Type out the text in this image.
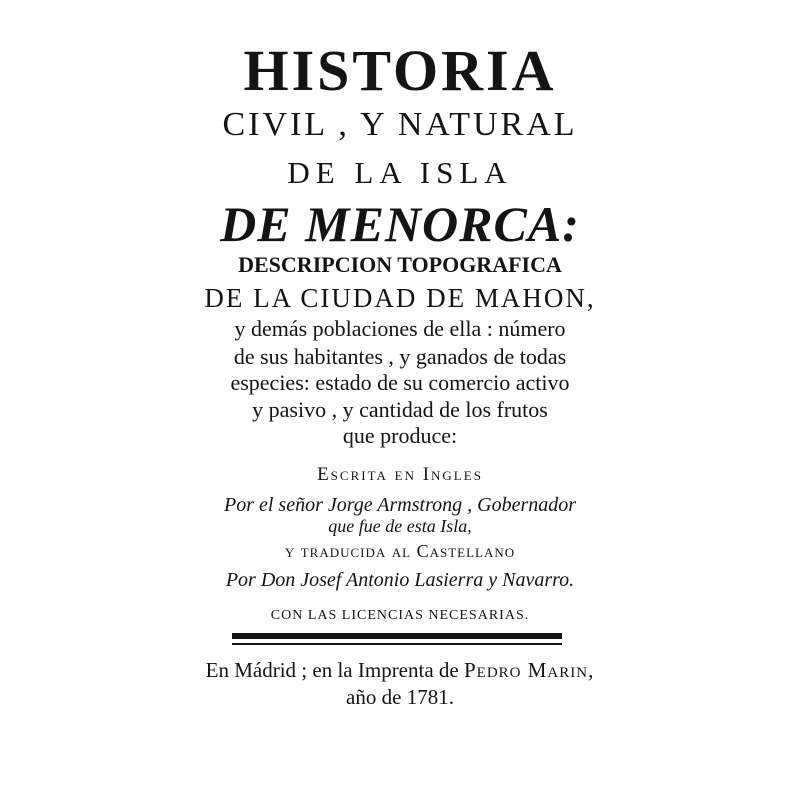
HISTORIA
CIVIL , Y NATURAL
DE LA ISLA
DE MENORCA:
DESCRIPCION TOPOGRAFICA
DE LA CIUDAD DE MAHON,
y demás poblaciones de ella : número
de sus habitantes , y ganados de todas
especies: estado de su comercio activo
y pasivo , y cantidad de los frutos
que produce:
Escrita en Ingles
Por el señor Jorge Armstrong , Gobernador
que fue de esta Isla,
y traducida al Castellano
Por Don Josef Antonio Lasierra y Navarro.
CON LAS LICENCIAS NECESARIAS.
En Mádrid ; en la Imprenta de Pedro Marin,
año de 1781.
